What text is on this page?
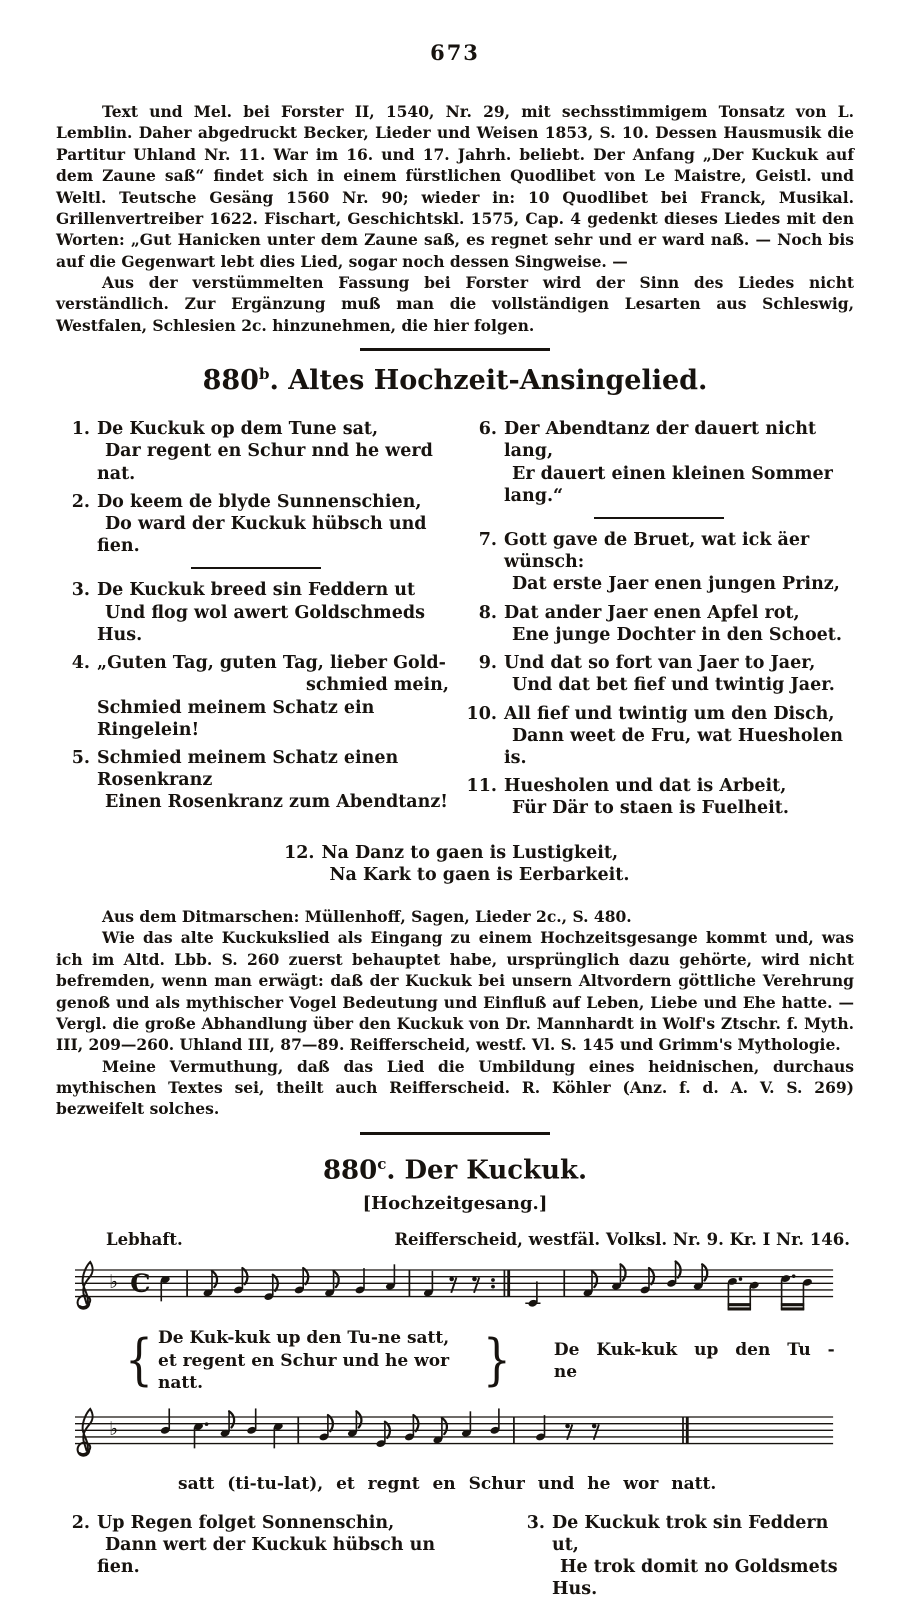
673

Text und Mel. bei Forster II, 1540, Nr. 29, mit sechsstimmigem Tonsatz von L. Lemblin. Daher abgedruckt Becker, Lieder und Weisen 1853, S. 10. Dessen Hausmusik die Partitur Uhland Nr. 11. War im 16. und 17. Jahrh. beliebt. Der Anfang „Der Kuckuk auf dem Zaune saß“ findet sich in einem fürstlichen Quodlibet von Le Maistre, Geistl. und Weltl. Teutsche Gesäng 1560 Nr. 90; wieder in: 10 Quodlibet bei Franck, Musikal. Grillenvertreiber 1622. Fischart, Geschichtskl. 1575, Cap. 4 gedenkt dieses Liedes mit den Worten: „Gut Hanicken unter dem Zaune saß, es regnet sehr und er ward naß. — Noch bis auf die Gegenwart lebt dies Lied, sogar noch dessen Singweise. —

Aus der verstümmelten Fassung bei Forster wird der Sinn des Liedes nicht verständlich. Zur Ergänzung muß man die vollständigen Lesarten aus Schleswig, Westfalen, Schlesien 2c. hinzunehmen, die hier folgen.

880$^b$. Altes Hochzeit-Ansingelied.
1. De Kuckuk op dem Tune sat,
Dar regent en Schur nnd he werd nat.
2. Do keem de blyde Sunnenschien,
Do ward der Kuckuk hübsch und fien.
3. De Kuckuk breed sin Feddern ut
Und flog wol awert Goldschmeds Hus.
4. „Guten Tag, guten Tag, lieber Gold-
schmied mein,
Schmied meinem Schatz ein Ringelein!
5. Schmied meinem Schatz einen Rosenkranz
Einen Rosenkranz zum Abendtanz!
6. Der Abendtanz der dauert nicht lang,
Er dauert einen kleinen Sommer lang.“
7. Gott gave de Bruet, wat ick äer wünsch:
Dat erste Jaer enen jungen Prinz,
8. Dat ander Jaer enen Apfel rot,
Ene junge Dochter in den Schoet.
9. Und dat so fort van Jaer to Jaer,
Und dat bet fief und twintig Jaer.
10. All fief und twintig um den Disch,
Dann weet de Fru, wat Huesholen is.
11. Huesholen und dat is Arbeit,
Für Där to staen is Fuelheit.
12. Na Danz to gaen is Lustigkeit,
Na Kark to gaen is Eerbarkeit.

Aus dem Ditmarschen: Müllenhoff, Sagen, Lieder 2c., S. 480.

Wie das alte Kuckukslied als Eingang zu einem Hochzeitsgesange kommt und, was ich im Altd. Lbb. S. 260 zuerst behauptet habe, ursprünglich dazu gehörte, wird nicht befremden, wenn man erwägt: daß der Kuckuk bei unsern Altvordern göttliche Verehrung genoß und als mythischer Vogel Bedeutung und Einfluß auf Leben, Liebe und Ehe hatte. — Vergl. die große Abhandlung über den Kuckuk von Dr. Mannhardt in Wolf's Ztschr. f. Myth. III, 209—260. Uhland III, 87—89. Reifferscheid, westf. Vl. S. 145 und Grimm's Mythologie.

Meine Vermuthung, daß das Lied die Umbildung eines heidnischen, durchaus mythischen Textes sei, theilt auch Reifferscheid. R. Köhler (Anz. f. d. A. V. S. 269) bezweifelt solches.

880$^c$. Der Kuckuk.
[Hochzeitgesang.]
Lebhaft.	Reifferscheid, westfäl. Volksl. Nr. 9. Kr. I Nr. 146.
♭ C
{ De Kuk-kuk up den Tu-ne satt,
et regent en Schur und he wor natt.	}	De Kuk-kuk up den Tu - ne
♭
satt (ti-tu-lat), et regnt en Schur und he wor natt.
2. Up Regen folget Sonnenschin,
Dann wert der Kuckuk hübsch un fien.
3. De Kuckuk trok sin Feddern ut,
He trok domit no Goldsmets Hus.
